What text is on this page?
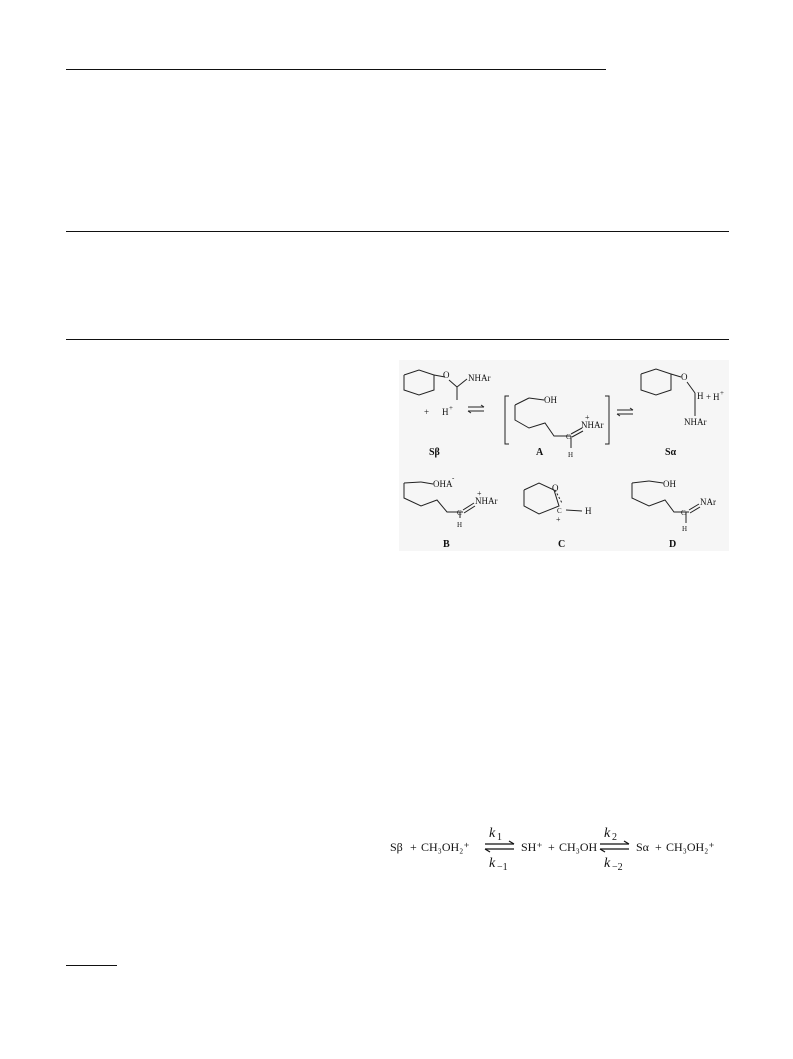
O NHAr
+ H +
OH
C
NHAr
+
H
O
H + H +
NHAr
OHA
-
C
NHAr
+
H
O
C
+
H
OH
C
NAr
H
Sβ	A	Sα
B	C	D
Sβ + CH₃OH₂⁺
k 1
k −1
SH⁺ + CH₃OH
k 2
k −2
Sα + CH₃OH₂⁺
